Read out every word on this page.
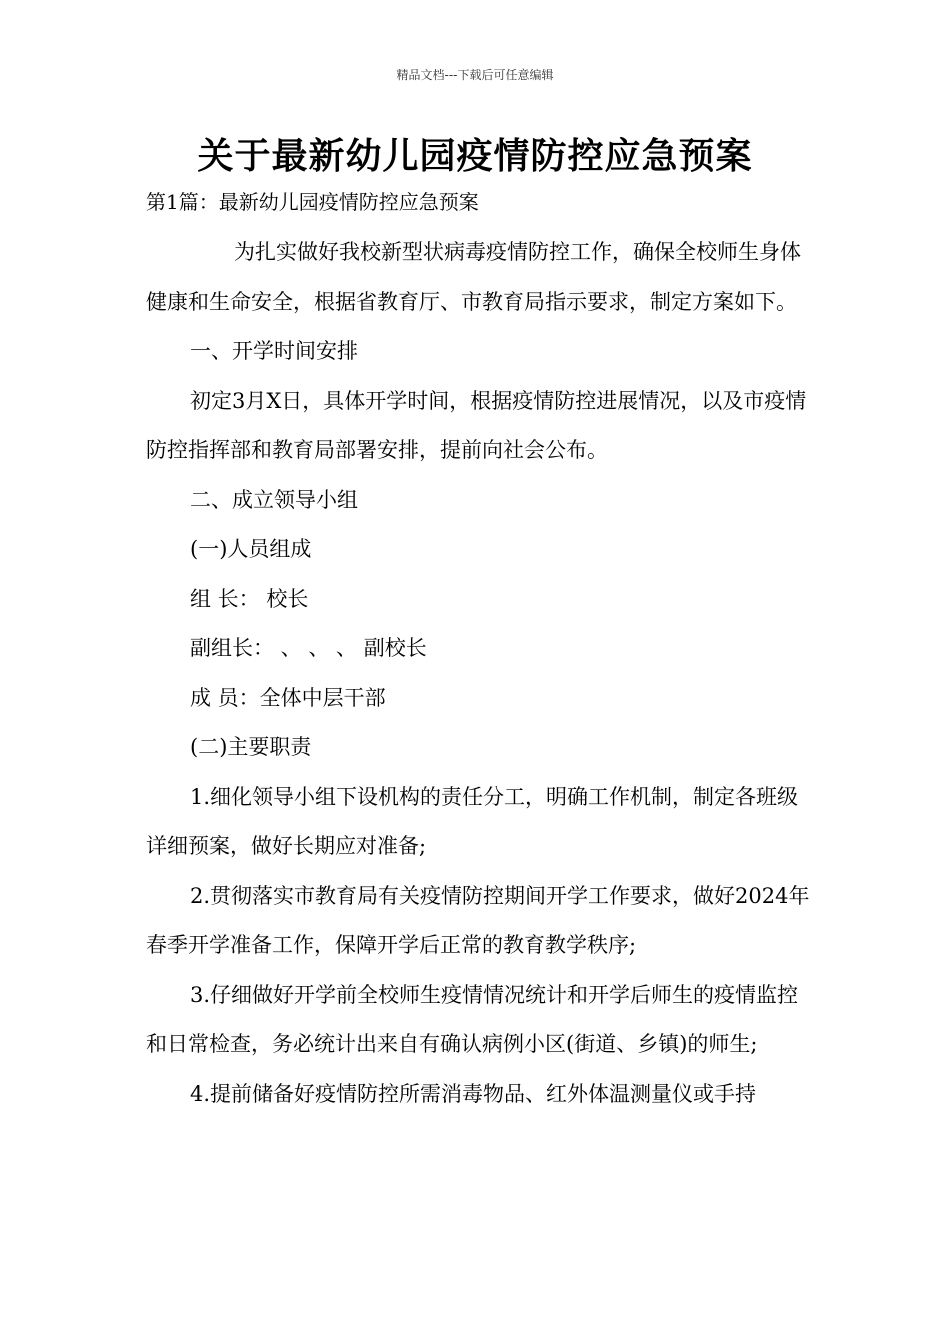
精品文档---下载后可任意编辑
关于最新幼儿园疫情防控应急预案
第1篇：最新幼儿园疫情防控应急预案

为扎实做好我校新型状病毒疫情防控工作，确保全校师生身体健康和生命安全，根据省教育厅、市教育局指示要求，制定方案如下。

一、开学时间安排

初定3月X日，具体开学时间，根据疫情防控进展情况，以及市疫情防控指挥部和教育局部署安排，提前向社会公布。

二、成立领导小组

(一)人员组成

组 长： 校长

副组长： 、 、 、 副校长

成 员：全体中层干部

(二)主要职责

1.细化领导小组下设机构的责任分工，明确工作机制，制定各班级详细预案，做好长期应对准备;

2.贯彻落实市教育局有关疫情防控期间开学工作要求，做好2024年春季开学准备工作，保障开学后正常的教育教学秩序;

3.仔细做好开学前全校师生疫情情况统计和开学后师生的疫情监控和日常检查，务必统计出来自有确认病例小区(街道、乡镇)的师生;

4.提前储备好疫情防控所需消毒物品、红外体温测量仪或手持
